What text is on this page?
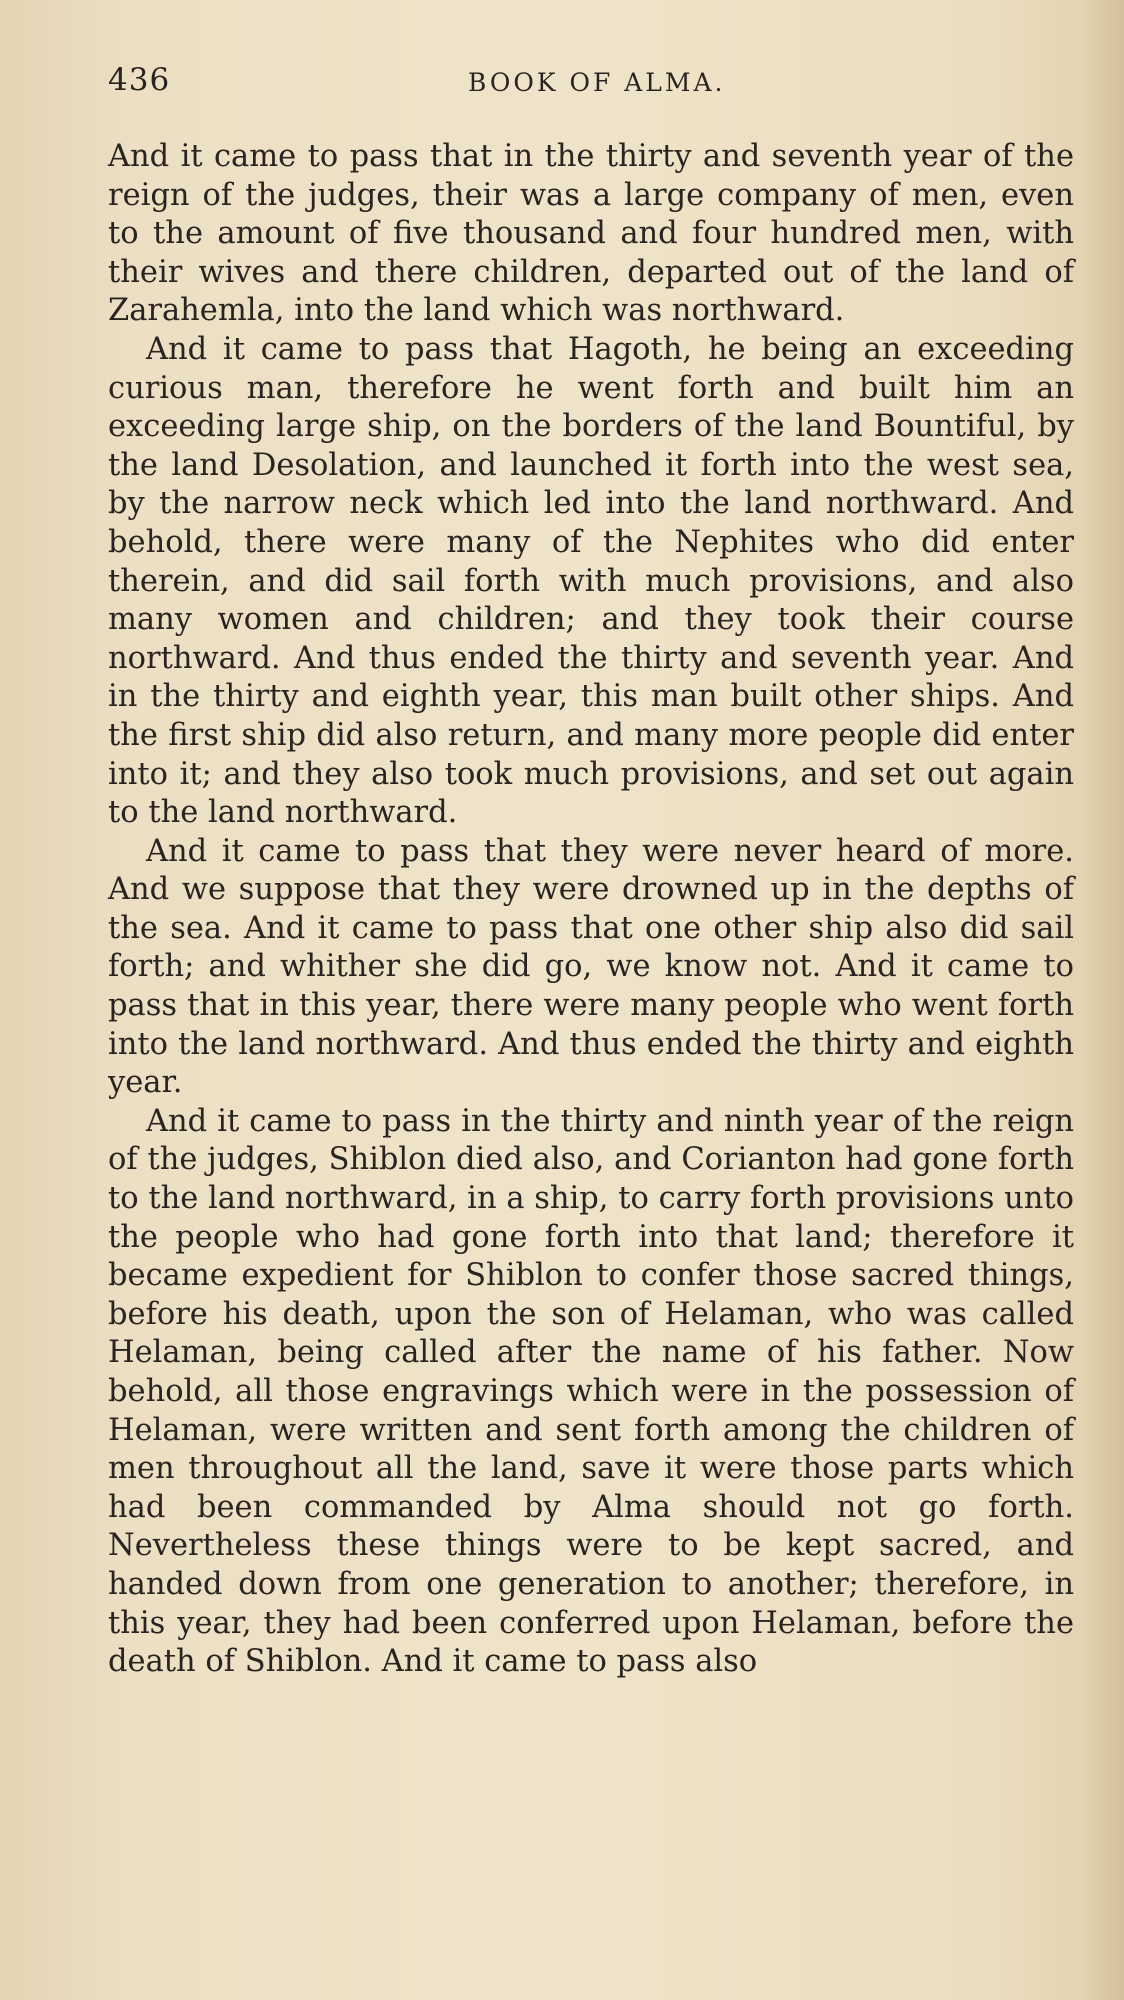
436	BOOK OF ALMA.

And it came to pass that in the thirty and seventh year of the reign of the judges, their was a large company of men, even to the amount of five thousand and four hundred men, with their wives and there children, departed out of the land of Zarahemla, into the land which was northward.

And it came to pass that Hagoth, he being an exceeding curious man, therefore he went forth and built him an exceeding large ship, on the borders of the land Bountiful, by the land Desolation, and launched it forth into the west sea, by the narrow neck which led into the land northward. And behold, there were many of the Nephites who did enter therein, and did sail forth with much provisions, and also many women and children; and they took their course northward. And thus ended the thirty and seventh year. And in the thirty and eighth year, this man built other ships. And the first ship did also return, and many more people did enter into it; and they also took much provisions, and set out again to the land northward.

And it came to pass that they were never heard of more. And we suppose that they were drowned up in the depths of the sea. And it came to pass that one other ship also did sail forth; and whither she did go, we know not. And it came to pass that in this year, there were many people who went forth into the land northward. And thus ended the thirty and eighth year.

And it came to pass in the thirty and ninth year of the reign of the judges, Shiblon died also, and Corianton had gone forth to the land northward, in a ship, to carry forth provisions unto the people who had gone forth into that land; therefore it became expedient for Shiblon to confer those sacred things, before his death, upon the son of Helaman, who was called Helaman, being called after the name of his father. Now behold, all those engravings which were in the possession of Helaman, were written and sent forth among the children of men throughout all the land, save it were those parts which had been commanded by Alma should not go forth. Nevertheless these things were to be kept sacred, and handed down from one generation to another; therefore, in this year, they had been conferred upon Helaman, before the death of Shiblon. And it came to pass also
